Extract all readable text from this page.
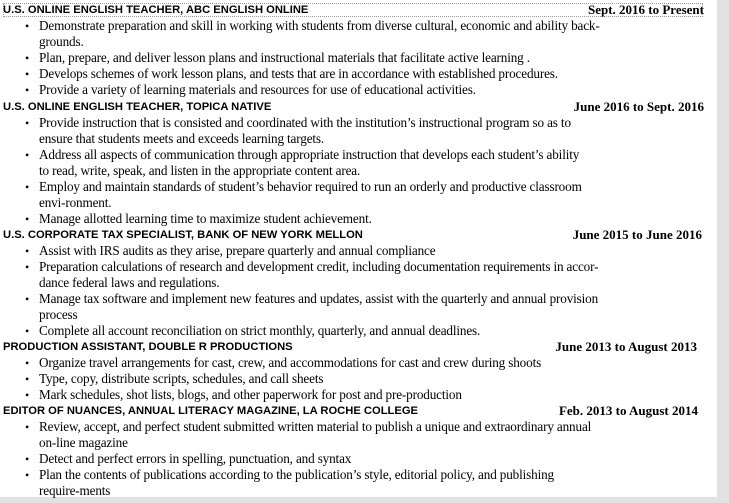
U.S. ONLINE ENGLISH TEACHER, ABC ENGLISH ONLINE	Sept. 2016 to Present
• Demonstrate preparation and skill in working with students from diverse cultural, economic and ability back-
grounds.
• Plan, prepare, and deliver lesson plans and instructional materials that facilitate active learning .
• Develops schemes of work lesson plans, and tests that are in accordance with established procedures.
• Provide a variety of learning materials and resources for use of educational activities.
U.S. ONLINE ENGLISH TEACHER, TOPICA NATIVE	June 2016 to Sept. 2016
• Provide instruction that is consisted and coordinated with the institution’s instructional program so as to
ensure that students meets and exceeds learning targets.
• Address all aspects of communication through appropriate instruction that develops each student’s ability
to read, write, speak, and listen in the appropriate content area.
• Employ and maintain standards of student’s behavior required to run an orderly and productive classroom
envi-ronment.
• Manage allotted learning time to maximize student achievement.
U.S. CORPORATE TAX SPECIALIST, BANK OF NEW YORK MELLON	June 2015 to June 2016
• Assist with IRS audits as they arise, prepare quarterly and annual compliance
• Preparation calculations of research and development credit, including documentation requirements in accor-
dance federal laws and regulations.
• Manage tax software and implement new features and updates, assist with the quarterly and annual provision
process
• Complete all account reconciliation on strict monthly, quarterly, and annual deadlines.
PRODUCTION ASSISTANT, DOUBLE R PRODUCTIONS	June 2013 to August 2013
• Organize travel arrangements for cast, crew, and accommodations for cast and crew during shoots
• Type, copy, distribute scripts, schedules, and call sheets
• Mark schedules, shot lists, blogs, and other paperwork for post and pre-production
EDITOR OF NUANCES, ANNUAL LITERACY MAGAZINE, LA ROCHE COLLEGE	Feb. 2013 to August 2014
• Review, accept, and perfect student submitted written material to publish a unique and extraordinary annual
on-line magazine
• Detect and perfect errors in spelling, punctuation, and syntax
• Plan the contents of publications according to the publication’s style, editorial policy, and publishing
require-ments
